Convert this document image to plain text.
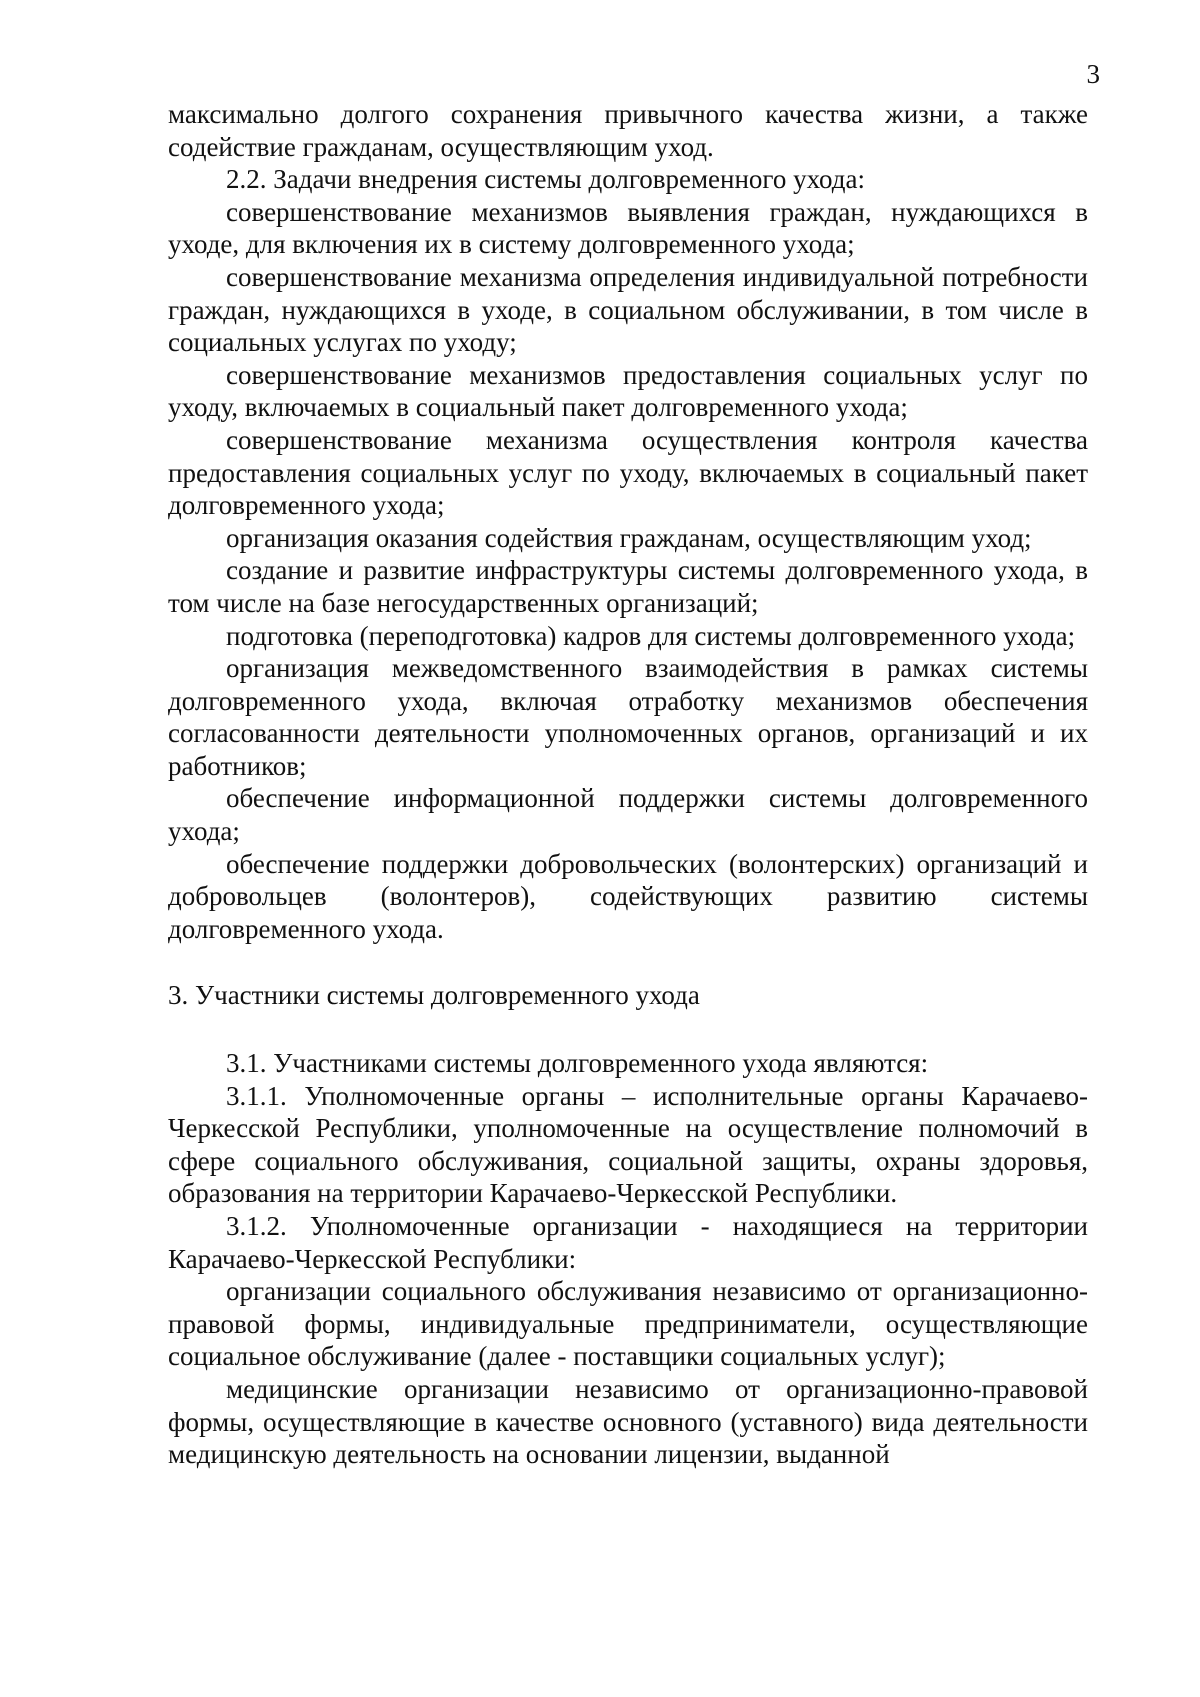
3

максимально долгого сохранения привычного качества жизни, а также содействие гражданам, осуществляющим уход.

2.2. Задачи внедрения системы долговременного ухода:

совершенствование механизмов выявления граждан, нуждающихся в уходе, для включения их в систему долговременного ухода;

совершенствование механизма определения индивидуальной потребности граждан, нуждающихся в уходе, в социальном обслуживании, в том числе в социальных услугах по уходу;

совершенствование механизмов предоставления социальных услуг по уходу, включаемых в социальный пакет долговременного ухода;

совершенствование механизма осуществления контроля качества предоставления социальных услуг по уходу, включаемых в социальный пакет долговременного ухода;

организация оказания содействия гражданам, осуществляющим уход;

создание и развитие инфраструктуры системы долговременного ухода, в том числе на базе негосударственных организаций;

подготовка (переподготовка) кадров для системы долговременного ухода;

организация межведомственного взаимодействия в рамках системы долговременного ухода, включая отработку механизмов обеспечения согласованности деятельности уполномоченных органов, организаций и их работников;

обеспечение информационной поддержки системы долговременного ухода;

обеспечение поддержки добровольческих (волонтерских) организаций и добровольцев (волонтеров), содействующих развитию системы долговременного ухода.

3. Участники системы долговременного ухода

3.1. Участниками системы долговременного ухода являются:

3.1.1. Уполномоченные органы – исполнительные органы Карачаево-Черкесской Республики, уполномоченные на осуществление полномочий в сфере социального обслуживания, социальной защиты, охраны здоровья, образования на территории Карачаево-Черкесской Республики.

3.1.2. Уполномоченные организации - находящиеся на территории Карачаево-Черкесской Республики:

организации социального обслуживания независимо от организационно-правовой формы, индивидуальные предприниматели, осуществляющие социальное обслуживание (далее - поставщики социальных услуг);

медицинские организации независимо от организационно-правовой формы, осуществляющие в качестве основного (уставного) вида деятельности медицинскую деятельность на основании лицензии, выданной
